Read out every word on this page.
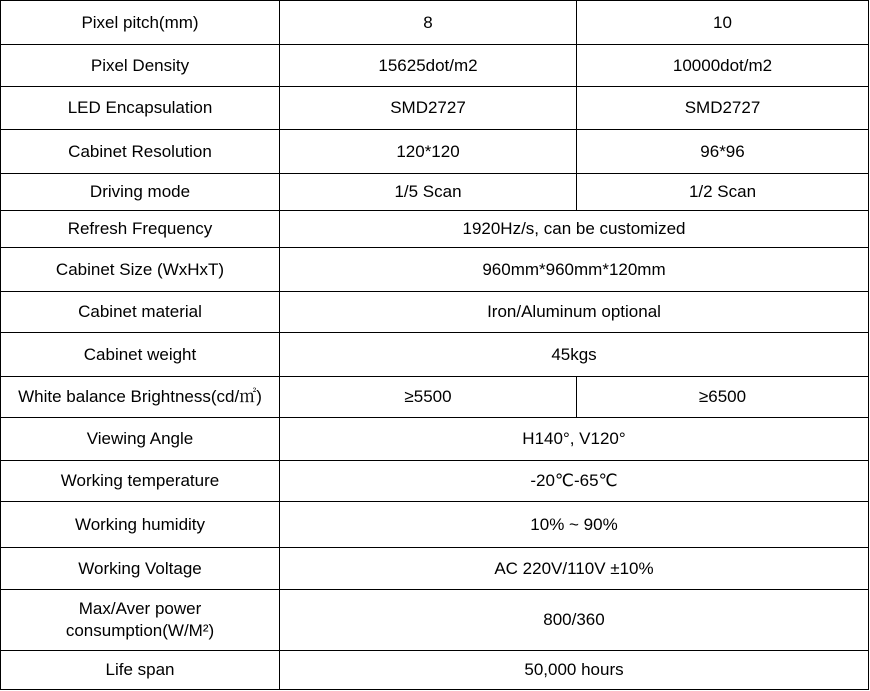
Pixel pitch(mm)	8	10
Pixel Density	15625dot/m2	10000dot/m2
LED Encapsulation	SMD2727	SMD2727
Cabinet Resolution	120*120	96*96
Driving mode	1/5 Scan	1/2 Scan
Refresh Frequency	1920Hz/s, can be customized	
Cabinet Size (WxHxT)	960mm*960mm*120mm	
Cabinet material	Iron/Aluminum optional	
Cabinet weight	45kgs	
White balance Brightness(cd/㎡)	≥5500	≥6500
Viewing Angle	H140°, V120°	
Working temperature	-20℃-65℃	
Working humidity	10% ~ 90%	
Working Voltage	AC 220V/110V ±10%	
Max/Aver power consumption(W/M²)	800/360	
Life span	50,000 hours	
